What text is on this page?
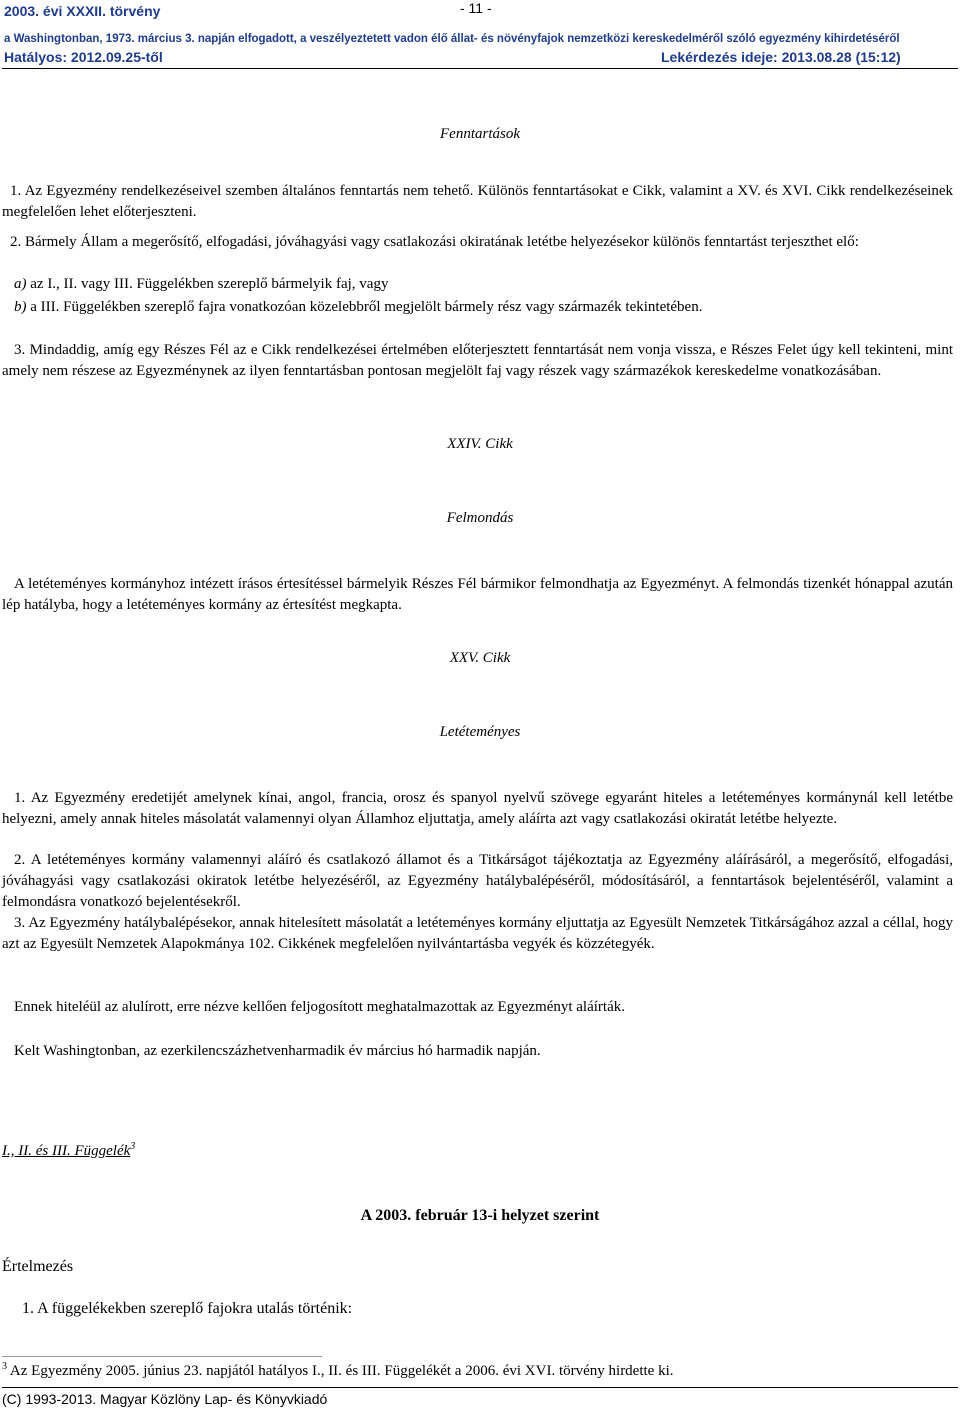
2003. évi XXXII. törvény	- 11 -
a Washingtonban, 1973. március 3. napján elfogadott, a veszélyeztetett vadon élő állat- és növényfajok nemzetközi kereskedelméről szóló egyezmény kihirdetéséről
Hatályos: 2012.09.25-től	Lekérdezés ideje: 2013.08.28 (15:12)
Fenntartások
1. Az Egyezmény rendelkezéseivel szemben általános fenntartás nem tehető. Különös fenntartásokat e Cikk, valamint a XV. és XVI. Cikk rendelkezéseinek megfelelően lehet előterjeszteni.
2. Bármely Állam a megerősítő, elfogadási, jóváhagyási vagy csatlakozási okiratának letétbe helyezésekor különös fenntartást terjeszthet elő:
a) az I., II. vagy III. Függelékben szereplő bármelyik faj, vagy
b) a III. Függelékben szereplő fajra vonatkozóan közelebbről megjelölt bármely rész vagy származék tekintetében.
3. Mindaddig, amíg egy Részes Fél az e Cikk rendelkezései értelmében előterjesztett fenntartását nem vonja vissza, e Részes Felet úgy kell tekinteni, mint amely nem részese az Egyezménynek az ilyen fenntartásban pontosan megjelölt faj vagy részek vagy származékok kereskedelme vonatkozásában.
XXIV. Cikk
Felmondás
A letéteményes kormányhoz intézett írásos értesítéssel bármelyik Részes Fél bármikor felmondhatja az Egyezményt. A felmondás tizenkét hónappal azután lép hatályba, hogy a letéteményes kormány az értesítést megkapta.
XXV. Cikk
Letéteményes
1. Az Egyezmény eredetijét amelynek kínai, angol, francia, orosz és spanyol nyelvű szövege egyaránt hiteles a letéteményes kormánynál kell letétbe helyezni, amely annak hiteles másolatát valamennyi olyan Államhoz eljuttatja, amely aláírta azt vagy csatlakozási okiratát letétbe helyezte.
2. A letéteményes kormány valamennyi aláíró és csatlakozó államot és a Titkárságot tájékoztatja az Egyezmény aláírásáról, a megerősítő, elfogadási, jóváhagyási vagy csatlakozási okiratok letétbe helyezéséről, az Egyezmény hatálybalépéséről, módosításáról, a fenntartások bejelentéséről, valamint a felmondásra vonatkozó bejelentésekről.
3. Az Egyezmény hatálybalépésekor, annak hitelesített másolatát a letéteményes kormány eljuttatja az Egyesült Nemzetek Titkárságához azzal a céllal, hogy azt az Egyesült Nemzetek Alapokmánya 102. Cikkének megfelelően nyilvántartásba vegyék és közzétegyék.
Ennek hiteléül az alulírott, erre nézve kellően feljogosított meghatalmazottak az Egyezményt aláírták.
Kelt Washingtonban, az ezerkilencszázhetvenharmadik év március hó harmadik napján.
I., II. és III. Függelék$^3$
A 2003. február 13-i helyzet szerint
Értelmezés
1. A függelékekben szereplő fajokra utalás történik:
$^3$ Az Egyezmény 2005. június 23. napjától hatályos I., II. és III. Függelékét a 2006. évi XVI. törvény hirdette ki.
(C) 1993-2013. Magyar Közlöny Lap- és Könyvkiadó
